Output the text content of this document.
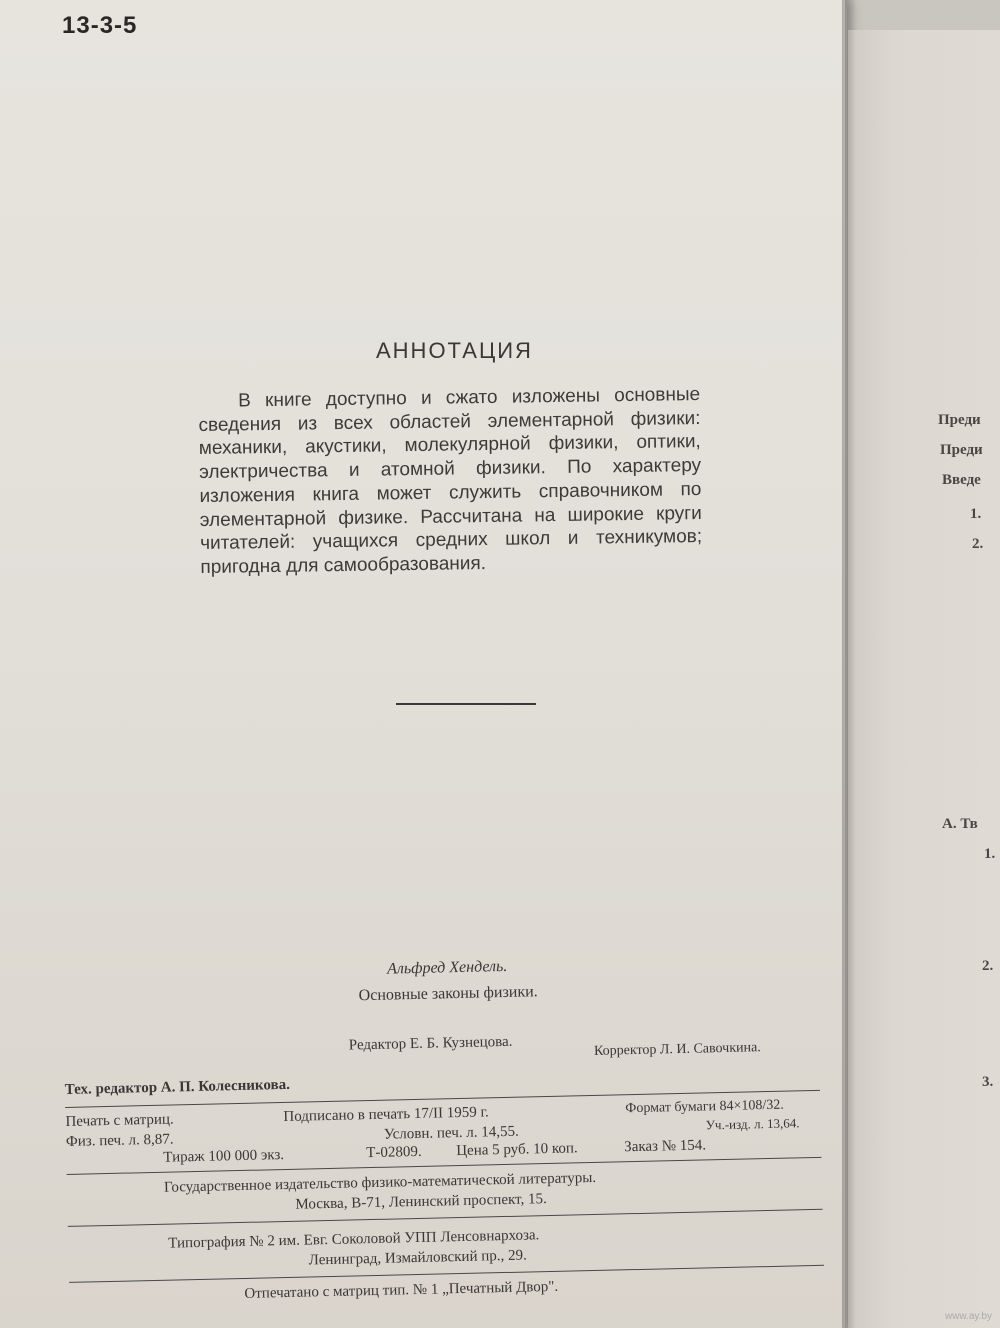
13-3-5
АННОТАЦИЯ

В книге доступно и сжато изложены основные сведения из всех областей элементарной физики: механики, акустики, молекулярной физики, оптики, электричества и атомной физики. По характеру изложения книга может служить справочником по элементарной физике. Рассчитана на широкие круги читателей: учащихся средних школ и техникумов; пригодна для самообразования.

Альфред Хендель.
Основные законы физики.
Редактор Е. Б. Кузнецова.	Корректор Л. И. Савочкина.
Тех. редактор А. П. Колесникова.
Печать с матриц.	Подписано в печать 17/II 1959 г.	Формат бумаги 84×108/32.
Физ. печ. л. 8,87.	Условн. печ. л. 14,55.	Уч.-изд. л. 13,64.
Тираж 100 000 экз.	Т-02809. Цена 5 руб. 10 коп.	Заказ № 154.
Государственное издательство физико-математической литературы.
Москва, В-71, Ленинский проспект, 15.
Типография № 2 им. Евг. Соколовой УПП Ленсовнархоза.
Ленинград, Измайловский пр., 29.
Отпечатано с матриц тип. № 1 „Печатный Двор".
Преди
Преди
Введе
1.
2.
А. Тв
1.
2.
3.
www.ay.by
